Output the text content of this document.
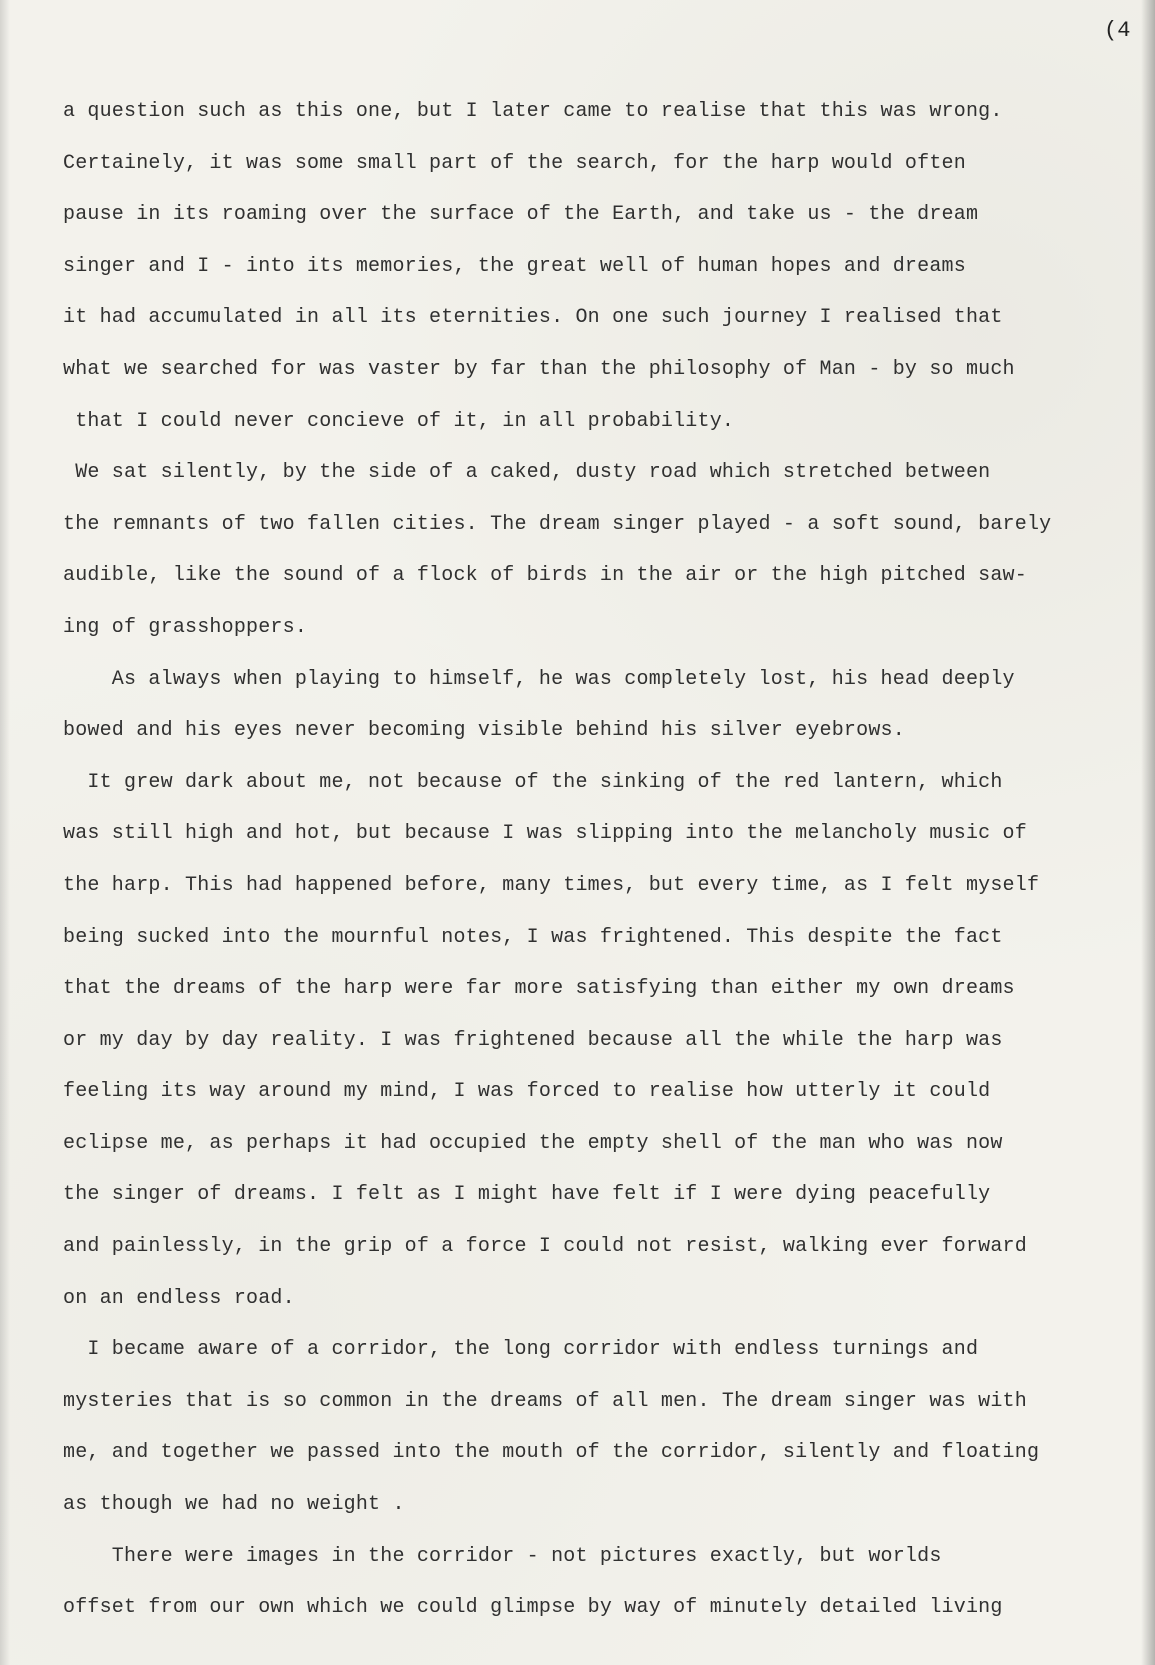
(4
a question such as this one, but I later came to realise that this was wrong.
Certainely, it was some small part of the search, for the harp would often
pause in its roaming over the surface of the Earth, and take us - the dream
singer and I - into its memories, the great well of human hopes and dreams
it had accumulated in all its eternities. On one such journey I realised that
what we searched for was vaster by far than the philosophy of Man - by so much
that I could never concieve of it, in all probability.
We sat silently, by the side of a caked, dusty road which stretched between
the remnants of two fallen cities. The dream singer played - a soft sound, barely
audible, like the sound of a flock of birds in the air or the high pitched saw-
ing of grasshoppers.
As always when playing to himself, he was completely lost, his head deeply
bowed and his eyes never becoming visible behind his silver eyebrows.
It grew dark about me, not because of the sinking of the red lantern, which
was still high and hot, but because I was slipping into the melancholy music of
the harp. This had happened before, many times, but every time, as I felt myself
being sucked into the mournful notes, I was frightened. This despite the fact
that the dreams of the harp were far more satisfying than either my own dreams
or my day by day reality. I was frightened because all the while the harp was
feeling its way around my mind, I was forced to realise how utterly it could
eclipse me, as perhaps it had occupied the empty shell of the man who was now
the singer of dreams. I felt as I might have felt if I were dying peacefully
and painlessly, in the grip of a force I could not resist, walking ever forward
on an endless road.
I became aware of a corridor, the long corridor with endless turnings and
mysteries that is so common in the dreams of all men. The dream singer was with
me, and together we passed into the mouth of the corridor, silently and floating
as though we had no weight .
There were images in the corridor - not pictures exactly, but worlds
offset from our own which we could glimpse by way of minutely detailed living
